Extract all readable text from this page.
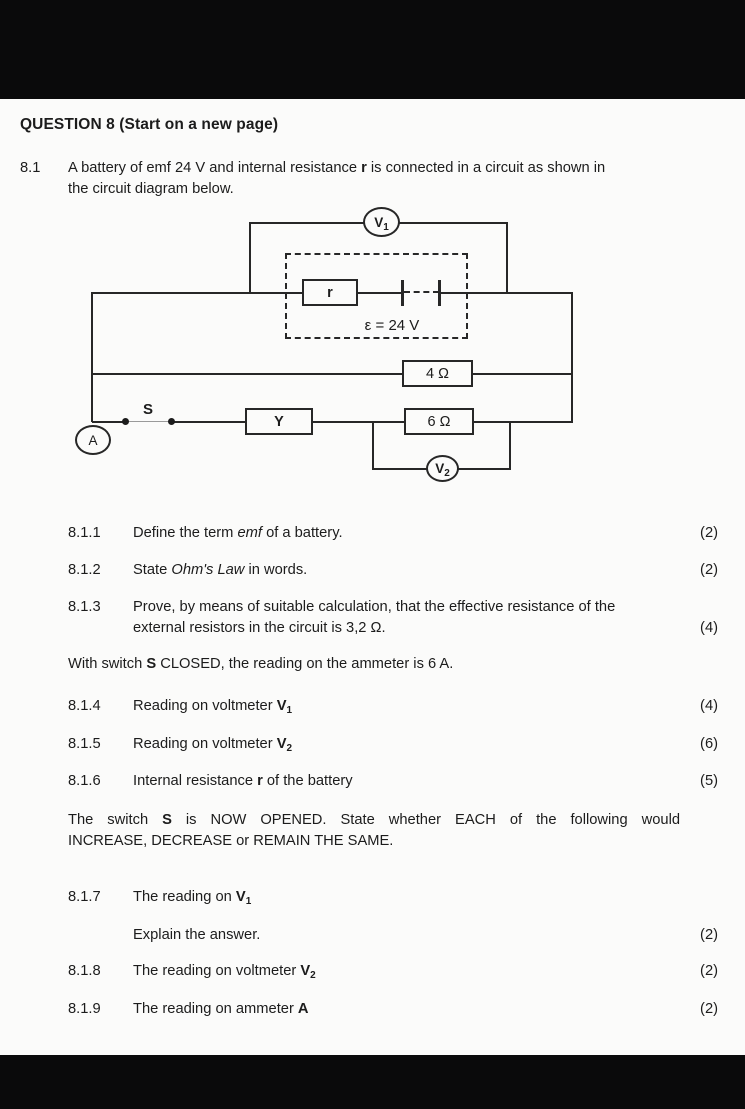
QUESTION 8 (Start on a new page)
8.1	A battery of emf 24 V and internal resistance r is connected in a circuit as shown in
the circuit diagram below.
r
ε = 24 V
$V_1$
A
$V_2$
4 Ω
6 Ω
Y
S
8.1.1	Define the term emf of a battery.	(2)
8.1.2	State Ohm's Law in words.	(2)
8.1.3	Prove, by means of suitable calculation, that the effective resistance of the
external resistors in the circuit is 3,2 Ω.	(4)
With switch S CLOSED, the reading on the ammeter is 6 A.
8.1.4	Reading on voltmeter $V_1$	(4)
8.1.5	Reading on voltmeter $V_2$	(6)
8.1.6	Internal resistance r of the battery	(5)
The switch S is NOW OPENED. State whether EACH of the following would
INCREASE, DECREASE or REMAIN THE SAME.
8.1.7	The reading on $V_1$
Explain the answer.	(2)
8.1.8	The reading on voltmeter $V_2$	(2)
8.1.9	The reading on ammeter A	(2)
